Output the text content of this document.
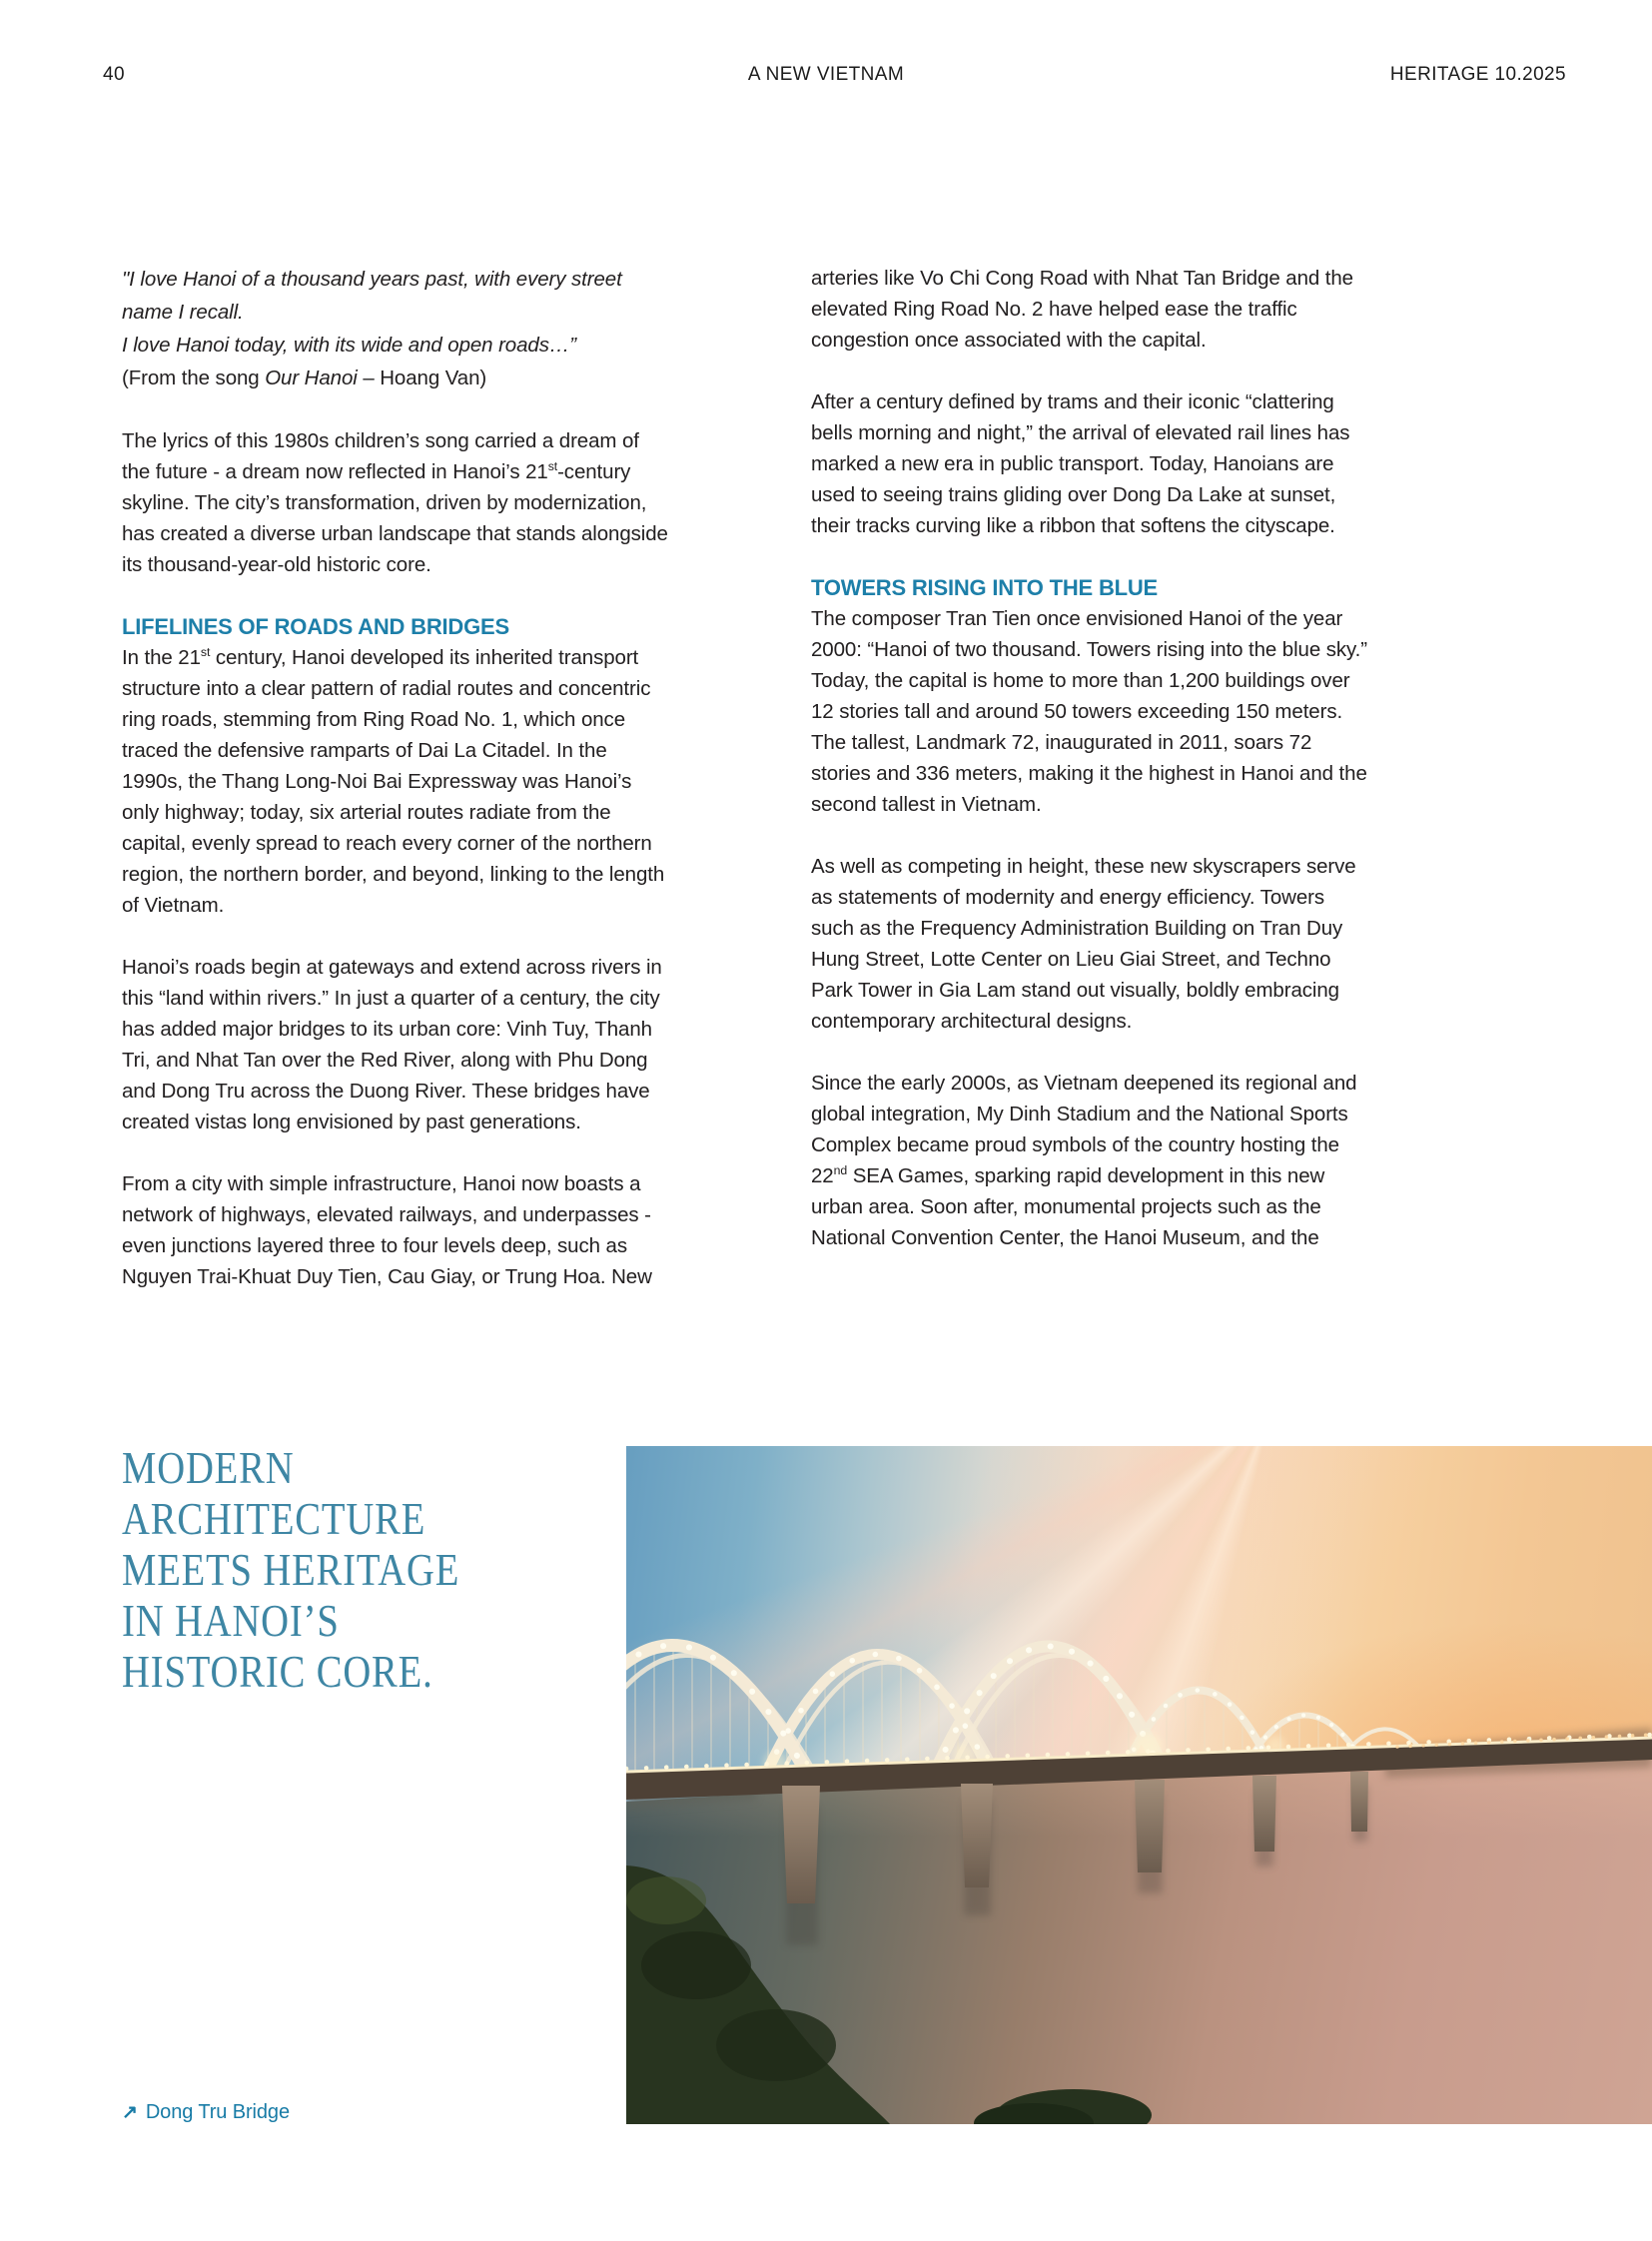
40	A NEW VIETNAM	HERITAGE 10.2025
"I love Hanoi of a thousand years past, with every street
name I recall.
I love Hanoi today, with its wide and open roads…”
(From the song Our Hanoi – Hoang Van)

The lyrics of this 1980s children’s song carried a dream of the future - a dream now reflected in Hanoi’s 21st-century skyline. The city’s transformation, driven by modernization, has created a diverse urban landscape that stands alongside its thousand-year-old historic core.

LIFELINES OF ROADS AND BRIDGES

In the 21st century, Hanoi developed its inherited transport structure into a clear pattern of radial routes and concentric ring roads, stemming from Ring Road No. 1, which once traced the defensive ramparts of Dai La Citadel. In the 1990s, the Thang Long-Noi Bai Expressway was Hanoi’s only highway; today, six arterial routes radiate from the capital, evenly spread to reach every corner of the northern region, the northern border, and beyond, linking to the length of Vietnam.

Hanoi’s roads begin at gateways and extend across rivers in this “land within rivers.” In just a quarter of a century, the city has added major bridges to its urban core: Vinh Tuy, Thanh Tri, and Nhat Tan over the Red River, along with Phu Dong and Dong Tru across the Duong River. These bridges have created vistas long envisioned by past generations.

From a city with simple infrastructure, Hanoi now boasts a network of highways, elevated railways, and underpasses - even junctions layered three to four levels deep, such as Nguyen Trai-Khuat Duy Tien, Cau Giay, or Trung Hoa. New

arteries like Vo Chi Cong Road with Nhat Tan Bridge and the elevated Ring Road No. 2 have helped ease the traffic congestion once associated with the capital.

After a century defined by trams and their iconic “clattering bells morning and night,” the arrival of elevated rail lines has marked a new era in public transport. Today, Hanoians are used to seeing trains gliding over Dong Da Lake at sunset, their tracks curving like a ribbon that softens the cityscape.

TOWERS RISING INTO THE BLUE

The composer Tran Tien once envisioned Hanoi of the year 2000: “Hanoi of two thousand. Towers rising into the blue sky.” Today, the capital is home to more than 1,200 buildings over 12 stories tall and around 50 towers exceeding 150 meters. The tallest, Landmark 72, inaugurated in 2011, soars 72 stories and 336 meters, making it the highest in Hanoi and the second tallest in Vietnam.

As well as competing in height, these new skyscrapers serve as statements of modernity and energy efficiency. Towers such as the Frequency Administration Building on Tran Duy Hung Street, Lotte Center on Lieu Giai Street, and Techno Park Tower in Gia Lam stand out visually, boldly embracing contemporary architectural designs.

Since the early 2000s, as Vietnam deepened its regional and global integration, My Dinh Stadium and the National Sports Complex became proud symbols of the country hosting the 22nd SEA Games, sparking rapid development in this new urban area. Soon after, monumental projects such as the National Convention Center, the Hanoi Museum, and the

MODERN
ARCHITECTURE
MEETS HERITAGE
IN HANOI’S
HISTORIC CORE.
↗ Dong Tru Bridge
